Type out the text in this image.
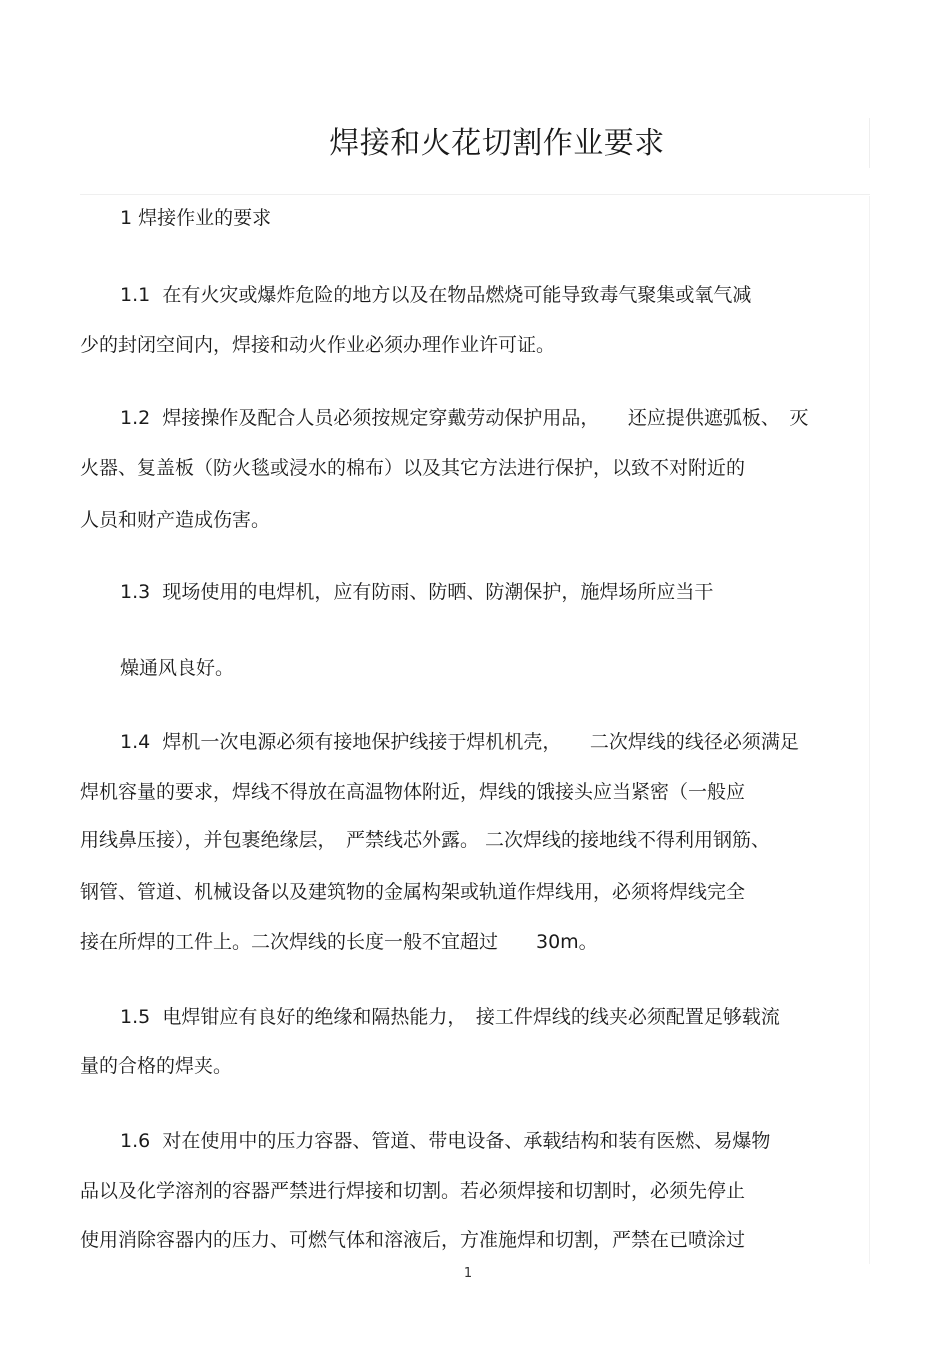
焊接和火花切割作业要求
1 焊接作业的要求
1.1 在有火灾或爆炸危险的地方以及在物品燃烧可能导致毒气聚集或氧气减
少的封闭空间内，焊接和动火作业必须办理作业许可证。
1.2 焊接操作及配合人员必须按规定穿戴劳动保护用品，　　还应提供遮弧板、　灭
火器、复盖板（防火毯或浸水的棉布）以及其它方法进行保护，以致不对附近的
人员和财产造成伤害。
1.3 现场使用的电焊机，应有防雨、防晒、防潮保护，施焊场所应当干
燥通风良好。
1.4 焊机一次电源必须有接地保护线接于焊机机壳，　　二次焊线的线径必须满足
焊机容量的要求，焊线不得放在高温物体附近，焊线的饿接头应当紧密（一般应
用线鼻压接），并包裹绝缘层，　严禁线芯外露。 二次焊线的接地线不得利用钢筋、
钢管、管道、机械设备以及建筑物的金属构架或轨道作焊线用，必须将焊线完全
接在所焊的工件上。二次焊线的长度一般不宜超过　　30m。
1.5 电焊钳应有良好的绝缘和隔热能力，　接工件焊线的线夹必须配置足够载流
量的合格的焊夹。
1.6 对在使用中的压力容器、管道、带电设备、承载结构和装有医燃、易爆物
品以及化学溶剂的容器严禁进行焊接和切割。若必须焊接和切割时，必须先停止
使用消除容器内的压力、可燃气体和溶液后，方准施焊和切割，严禁在已喷涂过
1
